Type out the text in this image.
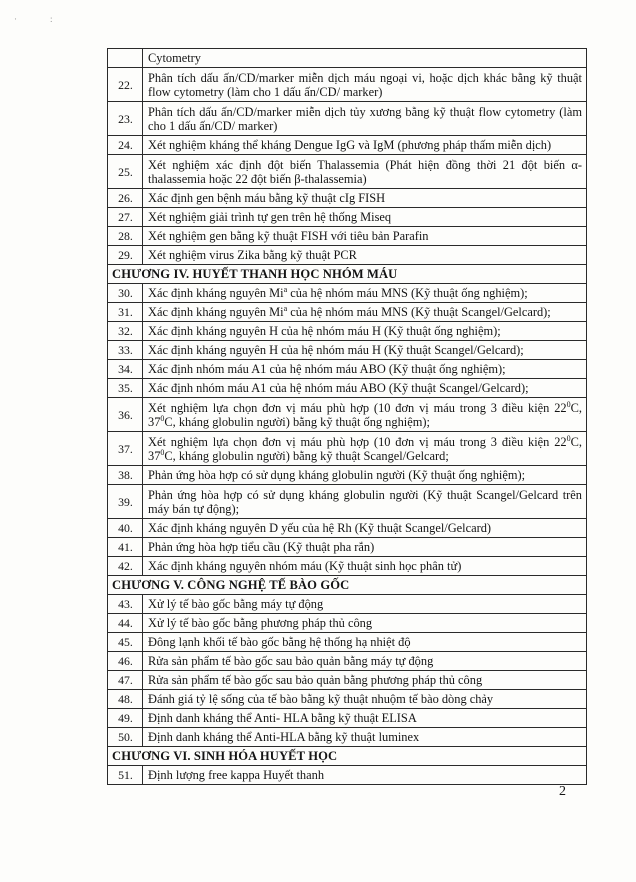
·	:
	Cytometry
22.	Phân tích dấu ấn/CD/marker miễn dịch máu ngoại vi, hoặc dịch khác bằng kỹ thuật flow cytometry (làm cho 1 dấu ấn/CD/ marker)
23.	Phân tích dấu ấn/CD/marker miễn dịch tủy xương bằng kỹ thuật flow cytometry (làm cho 1 dấu ấn/CD/ marker)
24.	Xét nghiệm kháng thể kháng Dengue IgG và IgM (phương pháp thấm miễn dịch)
25.	Xét nghiệm xác định đột biến Thalassemia (Phát hiện đồng thời 21 đột biến α-thalassemia hoặc 22 đột biến β-thalassemia)
26.	Xác định gen bệnh máu bằng kỹ thuật cIg FISH
27.	Xét nghiệm giải trình tự gen trên hệ thống Miseq
28.	Xét nghiệm gen bằng kỹ thuật FISH với tiêu bản Parafin
29.	Xét nghiệm virus Zika bằng kỹ thuật PCR
CHƯƠNG IV. HUYẾT THANH HỌC NHÓM MÁU	
30.	Xác định kháng nguyên Mi$^a$ của hệ nhóm máu MNS (Kỹ thuật ống nghiệm);
31.	Xác định kháng nguyên Mi$^a$ của hệ nhóm máu MNS (Kỹ thuật Scangel/Gelcard);
32.	Xác định kháng nguyên H của hệ nhóm máu H (Kỹ thuật ống nghiệm);
33.	Xác định kháng nguyên H của hệ nhóm máu H (Kỹ thuật Scangel/Gelcard);
34.	Xác định nhóm máu A1 của hệ nhóm máu ABO (Kỹ thuật ống nghiệm);
35.	Xác định nhóm máu A1 của hệ nhóm máu ABO (Kỹ thuật Scangel/Gelcard);
36.	Xét nghiệm lựa chọn đơn vị máu phù hợp (10 đơn vị máu trong 3 điều kiện $22^0C$, $37^0C$, kháng globulin người) bằng kỹ thuật ống nghiệm);
37.	Xét nghiệm lựa chọn đơn vị máu phù hợp (10 đơn vị máu trong 3 điều kiện $22^0C$, $37^0C$, kháng globulin người) bằng kỹ thuật Scangel/Gelcard;
38.	Phản ứng hòa hợp có sử dụng kháng globulin người (Kỹ thuật ống nghiệm);
39.	Phản ứng hòa hợp có sử dụng kháng globulin người (Kỹ thuật Scangel/Gelcard trên máy bán tự động);
40.	Xác định kháng nguyên D yếu của hệ Rh (Kỹ thuật Scangel/Gelcard)
41.	Phản ứng hòa hợp tiểu cầu (Kỹ thuật pha rắn)
42.	Xác định kháng nguyên nhóm máu (Kỹ thuật sinh học phân tử)
CHƯƠNG V. CÔNG NGHỆ TẾ BÀO GỐC	
43.	Xử lý tế bào gốc bằng máy tự động
44.	Xử lý tế bào gốc bằng phương pháp thủ công
45.	Đông lạnh khối tế bào gốc bằng hệ thống hạ nhiệt độ
46.	Rửa sản phẩm tế bào gốc sau bảo quản bằng máy tự động
47.	Rửa sản phẩm tế bào gốc sau bảo quản bằng phương pháp thủ công
48.	Đánh giá tỷ lệ sống của tế bào bằng kỹ thuật nhuộm tế bào dòng chảy
49.	Định danh kháng thể Anti- HLA bằng kỹ thuật ELISA
50.	Định danh kháng thể Anti-HLA bằng kỹ thuật luminex
CHƯƠNG VI. SINH HÓA HUYẾT HỌC	
51.	Định lượng free kappa Huyết thanh
2
